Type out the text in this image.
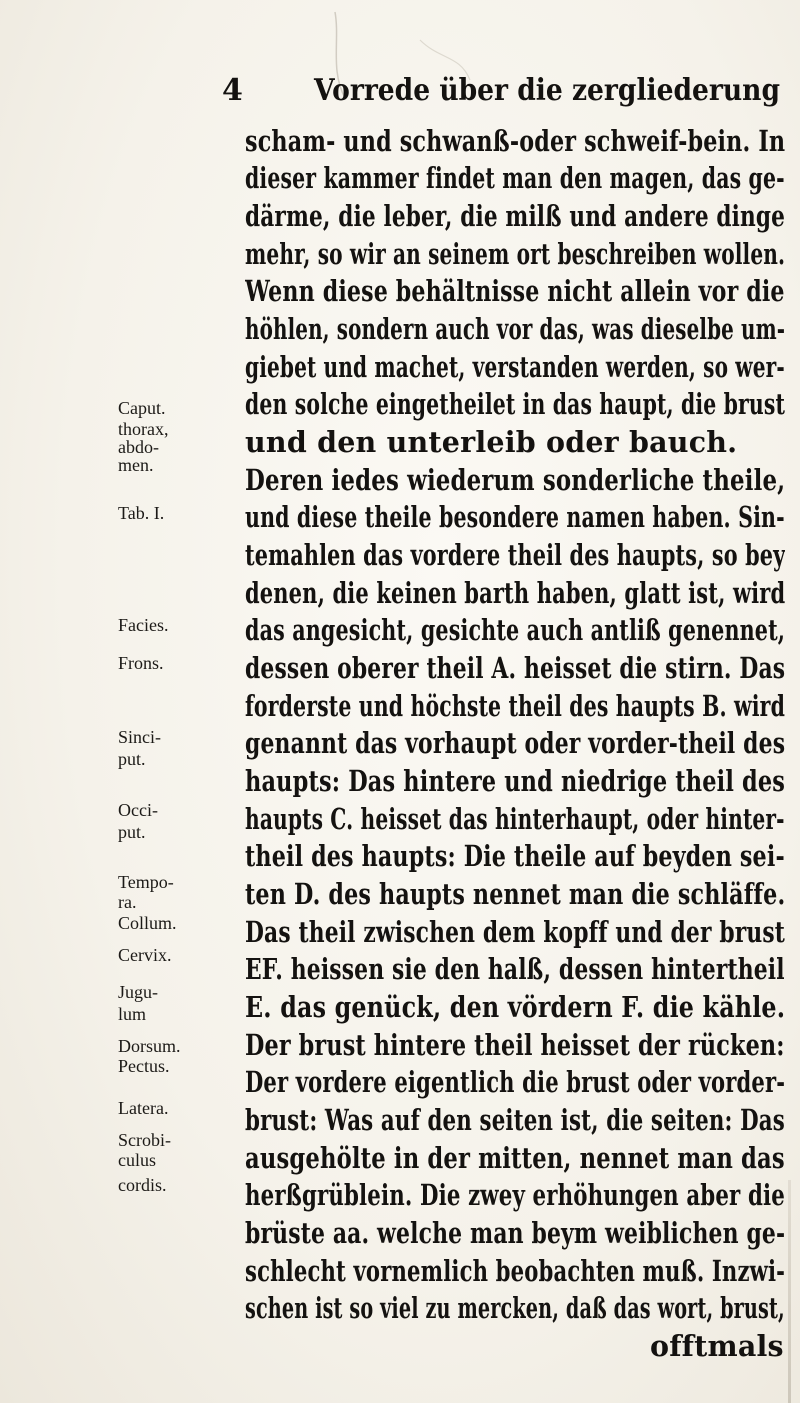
4 Vorrede über die zergliederung
scham- und schwanß-oder schweif-bein. In
dieser kammer findet man den magen, das ge-
därme, die leber, die milß und andere dinge
mehr, so wir an seinem ort beschreiben wollen.
Wenn diese behältnisse nicht allein vor die
höhlen, sondern auch vor das, was dieselbe um-
giebet und machet, verstanden werden, so wer-
den solche eingetheilet in das haupt, die brust
und den unterleib oder bauch.
Deren iedes wiederum sonderliche theile,
und diese theile besondere namen haben. Sin-
temahlen das vordere theil des haupts, so bey
denen, die keinen barth haben, glatt ist, wird
das angesicht, gesichte auch antliß genennet,
dessen oberer theil A. heisset die stirn. Das
forderste und höchste theil des haupts B. wird
genannt das vorhaupt oder vorder-theil des
haupts: Das hintere und niedrige theil des
haupts C. heisset das hinterhaupt, oder hinter-
theil des haupts: Die theile auf beyden sei-
ten D. des haupts nennet man die schläffe.
Das theil zwischen dem kopff und der brust
EF. heissen sie den halß, dessen hintertheil
E. das genück, den vördern F. die kähle.
Der brust hintere theil heisset der rücken:
Der vordere eigentlich die brust oder vorder-
brust: Was auf den seiten ist, die seiten: Das
ausgehölte in der mitten, nennet man das
herßgrüblein. Die zwey erhöhungen aber die
brüste aa. welche man beym weiblichen ge-
schlecht vornemlich beobachten muß. Inzwi-
schen ist so viel zu mercken, daß das wort, brust,
offtmals
Caput.
thorax,
abdo-
men.
Tab. I.
Facies.
Frons.
Sinci-
put.
Occi-
put.
Tempo-
ra.
Collum.
Cervix.
Jugu-
lum
Dorsum.
Pectus.
Latera.
Scrobi-
culus
cordis.
